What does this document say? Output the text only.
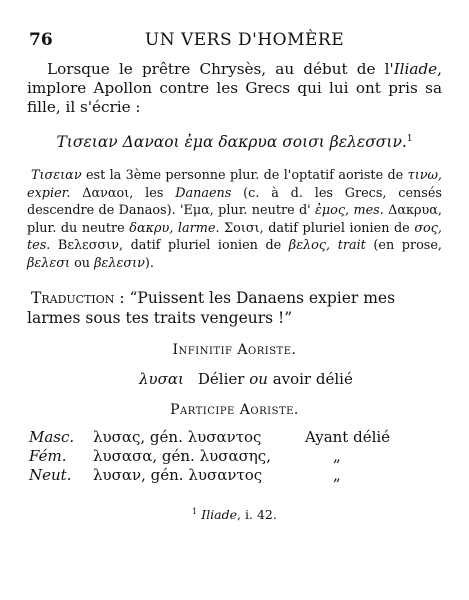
76	UN VERS D'HOMÈRE

Lorsque le prêtre Chrysès, au début de l'Iliade, implore Apollon contre les Grecs qui lui ont pris sa fille, il s'écrie :

Τισειαν Δαναοι ἐμα δακρυα σοισι βελεσσιν.$^1$

Τισειαν est la 3ème personne plur. de l'optatif aoriste de τινω, expier. Δαναοι, les Danaens (c. à d. les Grecs, censés descendre de Danaos). 'Εμα, plur. neutre d' ἐμος, mes. Δακρυα, plur. du neutre δακρυ, larme. Σοισι, datif pluriel ionien de σος, tes. Βελεσσιν, datif pluriel ionien de βελος, trait (en prose, βελεσι ou βελεσιν).

Traduction : “Puissent les Danaens expier mes larmes sous tes traits vengeurs !”

Infinitif Aoriste.
λυσαι Délier ou avoir délié
Participe Aoriste.
Masc.	λυσας, gén. λυσαντος	Ayant délié
Fém.	λυσασα, gén. λυσασης,	„
Neut.	λυσαν, gén. λυσαντος	„
$^1$ Iliade, i. 42.
